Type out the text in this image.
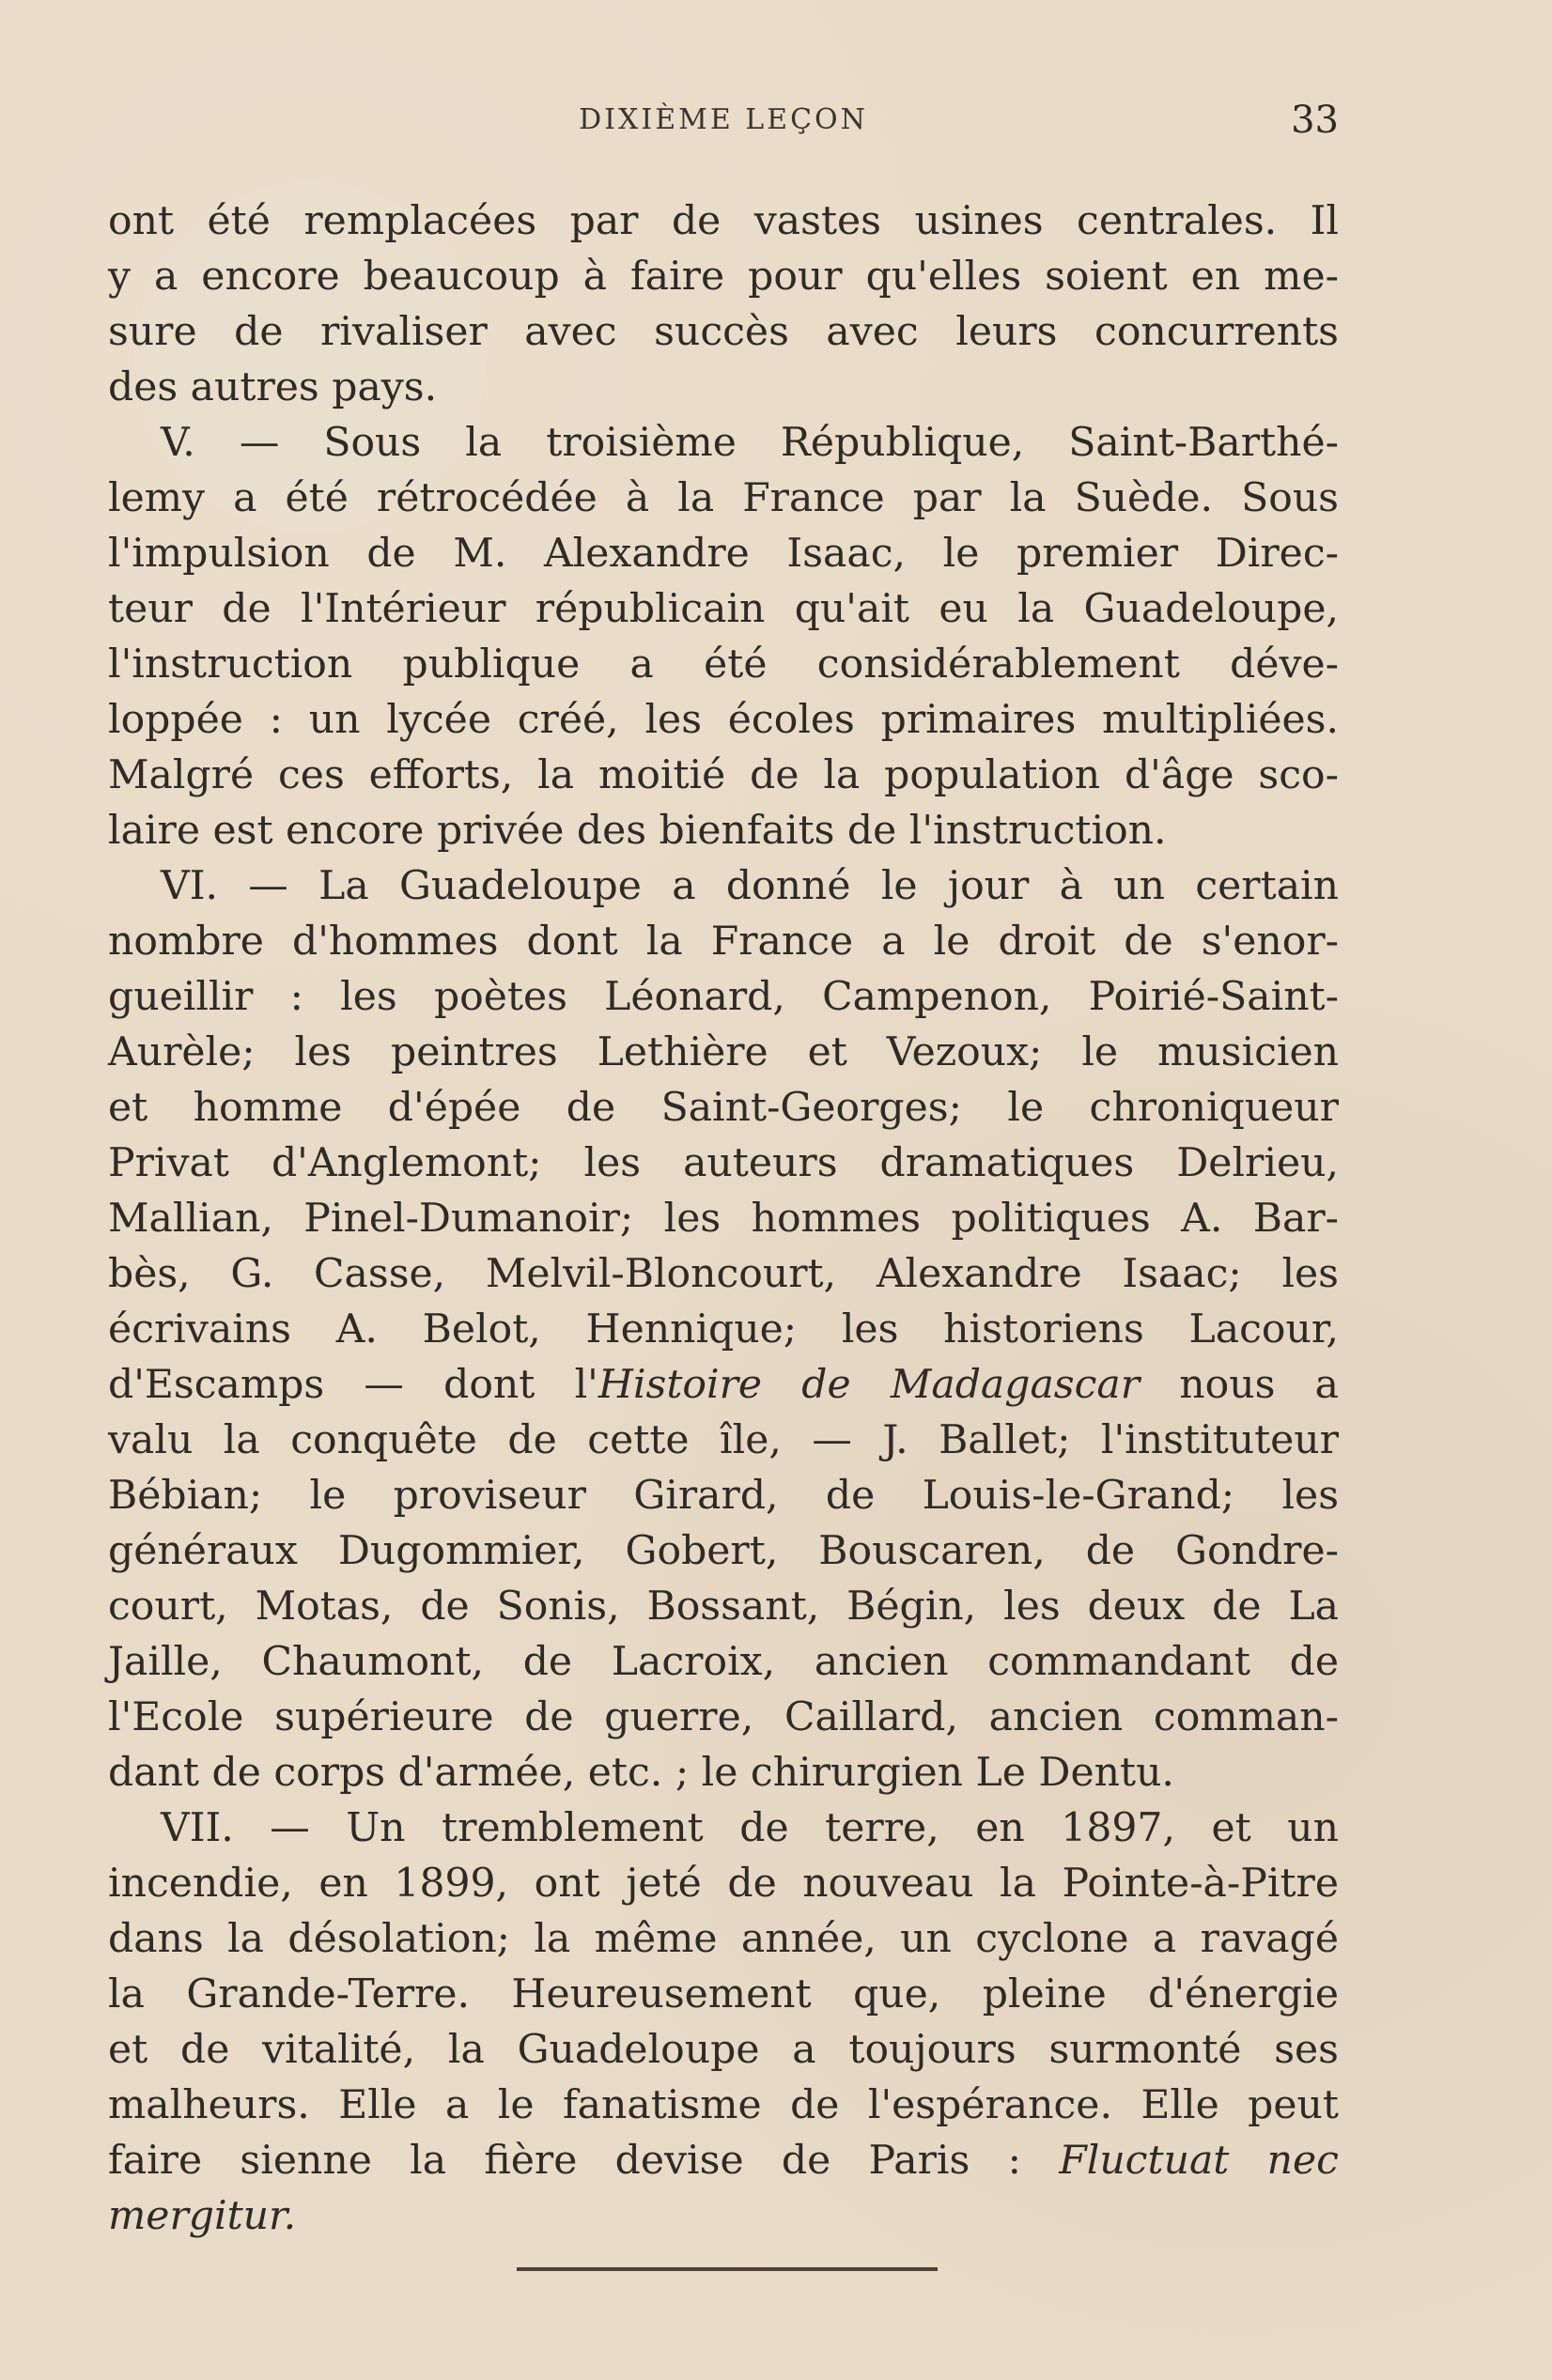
DIXIÈME LEÇON	33
ont été remplacées par de vastes usines centrales. Il
y a encore beaucoup à faire pour qu'elles soient en me-
sure de rivaliser avec succès avec leurs concurrents
des autres pays.
V. — Sous la troisième République, Saint-Barthé-
lemy a été rétrocédée à la France par la Suède. Sous
l'impulsion de M. Alexandre Isaac, le premier Direc-
teur de l'Intérieur républicain qu'ait eu la Guadeloupe,
l'instruction publique a été considérablement déve-
loppée : un lycée créé, les écoles primaires multipliées.
Malgré ces efforts, la moitié de la population d'âge sco-
laire est encore privée des bienfaits de l'instruction.
VI. — La Guadeloupe a donné le jour à un certain
nombre d'hommes dont la France a le droit de s'enor-
gueillir : les poètes Léonard, Campenon, Poirié-Saint-
Aurèle; les peintres Lethière et Vezoux; le musicien
et homme d'épée de Saint-Georges; le chroniqueur
Privat d'Anglemont; les auteurs dramatiques Delrieu,
Mallian, Pinel-Dumanoir; les hommes politiques A. Bar-
bès, G. Casse, Melvil-Bloncourt, Alexandre Isaac; les
écrivains A. Belot, Hennique; les historiens Lacour,
d'Escamps — dont l'Histoire de Madagascar nous a
valu la conquête de cette île, — J. Ballet; l'instituteur
Bébian; le proviseur Girard, de Louis-le-Grand; les
généraux Dugommier, Gobert, Bouscaren, de Gondre-
court, Motas, de Sonis, Bossant, Bégin, les deux de La
Jaille, Chaumont, de Lacroix, ancien commandant de
l'Ecole supérieure de guerre, Caillard, ancien comman-
dant de corps d'armée, etc. ; le chirurgien Le Dentu.
VII. — Un tremblement de terre, en 1897, et un
incendie, en 1899, ont jeté de nouveau la Pointe-à-Pitre
dans la désolation; la même année, un cyclone a ravagé
la Grande-Terre. Heureusement que, pleine d'énergie
et de vitalité, la Guadeloupe a toujours surmonté ses
malheurs. Elle a le fanatisme de l'espérance. Elle peut
faire sienne la fière devise de Paris : Fluctuat nec
mergitur.
